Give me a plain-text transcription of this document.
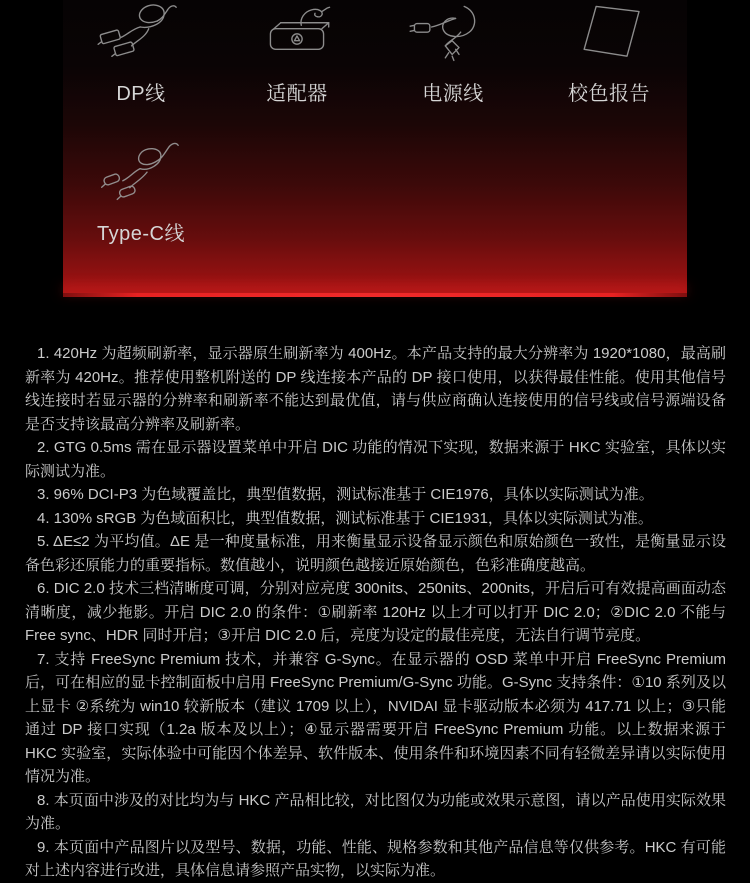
DP线	适配器	电源线	校色报告
Type-C线

1. 420Hz 为超频刷新率，显示器原生刷新率为 400Hz。本产品支持的最大分辨率为 1920*1080，最高刷新率为 420Hz。推荐使用整机附送的 DP 线连接本产品的 DP 接口使用，以获得最佳性能。使用其他信号线连接时若显示器的分辨率和刷新率不能达到最优值，请与供应商确认连接使用的信号线或信号源端设备是否支持该最高分辨率及刷新率。

2. GTG 0.5ms 需在显示器设置菜单中开启 DIC 功能的情况下实现，数据来源于 HKC 实验室，具体以实际测试为准。

3. 96% DCI-P3 为色域覆盖比，典型值数据，测试标准基于 CIE1976，具体以实际测试为准。

4. 130% sRGB 为色域面积比，典型值数据，测试标准基于 CIE1931，具体以实际测试为准。

5. ΔE≤2 为平均值。ΔE 是一种度量标准，用来衡量显示设备显示颜色和原始颜色一致性，是衡量显示设备色彩还原能力的重要指标。数值越小，说明颜色越接近原始颜色，色彩准确度越高。

6. DIC 2.0 技术三档清晰度可调，分别对应亮度 300nits、250nits、200nits，开启后可有效提高画面动态清晰度，减少拖影。开启 DIC 2.0 的条件：①刷新率 120Hz 以上才可以打开 DIC 2.0；②DIC 2.0 不能与 Free sync、HDR 同时开启；③开启 DIC 2.0 后，亮度为设定的最佳亮度，无法自行调节亮度。

7. 支持 FreeSync Premium 技术，并兼容 G-Sync。在显示器的 OSD 菜单中开启 FreeSync Premium 后，可在相应的显卡控制面板中启用 FreeSync Premium/G-Sync 功能。G-Sync 支持条件：①10 系列及以上显卡 ②系统为 win10 较新版本（建议 1709 以上），NVIDAI 显卡驱动版本必须为 417.71 以上；③只能通过 DP 接口实现（1.2a 版本及以上）；④显示器需要开启 FreeSync Premium 功能。以上数据来源于 HKC 实验室，实际体验中可能因个体差异、软件版本、使用条件和环境因素不同有轻微差异请以实际使用情况为准。

8. 本页面中涉及的对比均为与 HKC 产品相比较，对比图仅为功能或效果示意图，请以产品使用实际效果为准。

9. 本页面中产品图片以及型号、数据，功能、性能、规格参数和其他产品信息等仅供参考。HKC 有可能对上述内容进行改进，具体信息请参照产品实物，以实际为准。
